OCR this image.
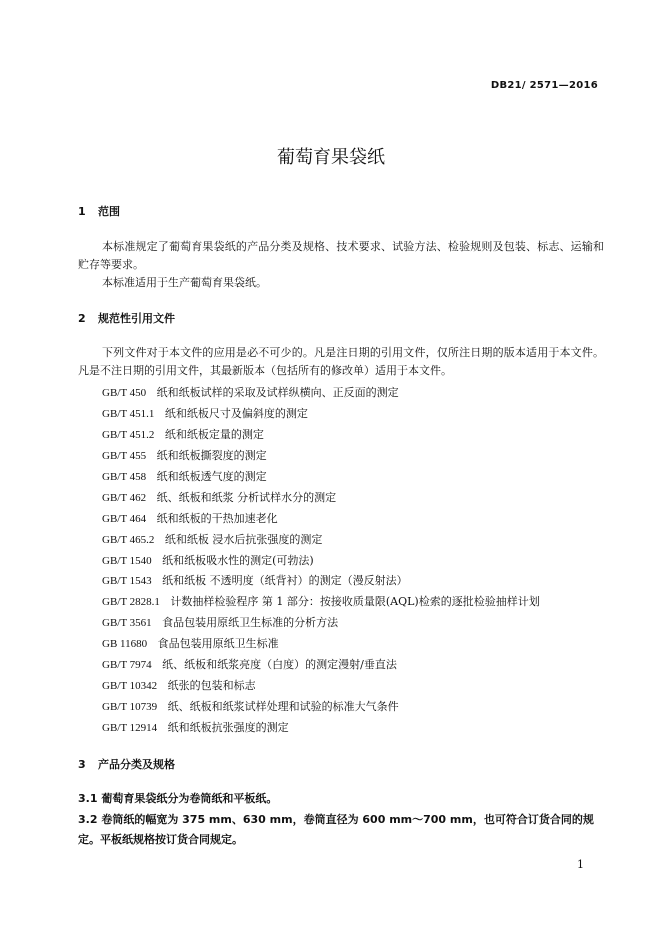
DB21/ 2571—2016
葡萄育果袋纸
1 范围
本标准规定了葡萄育果袋纸的产品分类及规格、技术要求、试验方法、检验规则及包装、标志、运输和贮存等要求。
本标准适用于生产葡萄育果袋纸。
2 规范性引用文件
下列文件对于本文件的应用是必不可少的。凡是注日期的引用文件，仅所注日期的版本适用于本文件。凡是不注日期的引用文件，其最新版本（包括所有的修改单）适用于本文件。
GB/T 450 纸和纸板试样的采取及试样纵横向、正反面的测定
GB/T 451.1 纸和纸板尺寸及偏斜度的测定
GB/T 451.2 纸和纸板定量的测定
GB/T 455 纸和纸板撕裂度的测定
GB/T 458 纸和纸板透气度的测定
GB/T 462 纸、纸板和纸浆 分析试样水分的测定
GB/T 464 纸和纸板的干热加速老化
GB/T 465.2 纸和纸板 浸水后抗张强度的测定
GB/T 1540 纸和纸板吸水性的测定(可勃法)
GB/T 1543 纸和纸板 不透明度（纸背衬）的测定（漫反射法）
GB/T 2828.1 计数抽样检验程序 第 1 部分：按接收质量限(AQL)检索的逐批检验抽样计划
GB/T 3561 食品包装用原纸卫生标准的分析方法
GB 11680 食品包装用原纸卫生标准
GB/T 7974 纸、纸板和纸浆亮度（白度）的测定漫射/垂直法
GB/T 10342 纸张的包装和标志
GB/T 10739 纸、纸板和纸浆试样处理和试验的标准大气条件
GB/T 12914 纸和纸板抗张强度的测定
3 产品分类及规格
3.1 葡萄育果袋纸分为卷筒纸和平板纸。
3.2 卷筒纸的幅宽为 375 mm、630 mm，卷筒直径为 600 mm～700 mm，也可符合订货合同的规定。平板纸规格按订货合同规定。
1
